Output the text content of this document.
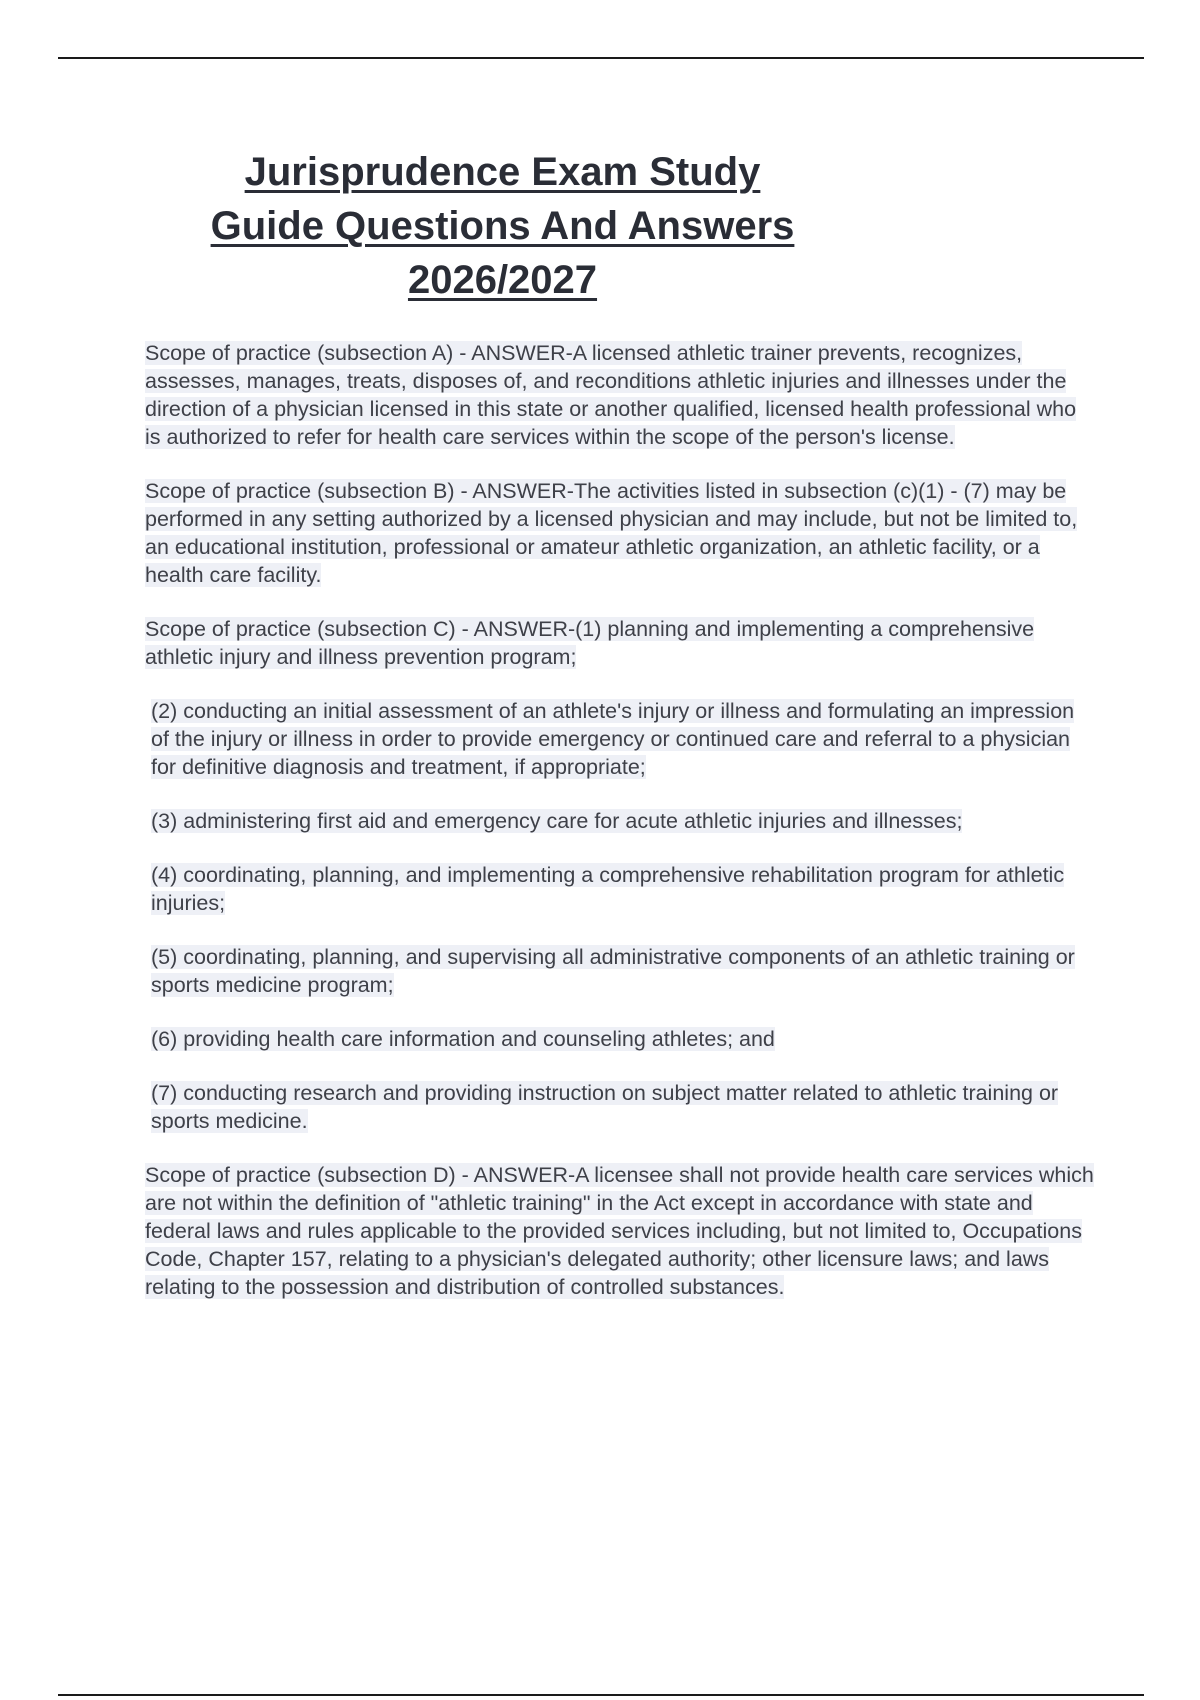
Jurisprudence Exam Study
Guide Questions And Answers
2026/2027

Scope of practice (subsection A) - ANSWER-A licensed athletic trainer prevents, recognizes, assesses, manages, treats, disposes of, and reconditions athletic injuries and illnesses under the direction of a physician licensed in this state or another qualified, licensed health professional who is authorized to refer for health care services within the scope of the person's license.

Scope of practice (subsection B) - ANSWER-The activities listed in subsection (c)(1) - (7) may be performed in any setting authorized by a licensed physician and may include, but not be limited to, an educational institution, professional or amateur athletic organization, an athletic facility, or a health care facility.

Scope of practice (subsection C) - ANSWER-(1) planning and implementing a comprehensive athletic injury and illness prevention program;

(2) conducting an initial assessment of an athlete's injury or illness and formulating an impression of the injury or illness in order to provide emergency or continued care and referral to a physician for definitive diagnosis and treatment, if appropriate;

(3) administering first aid and emergency care for acute athletic injuries and illnesses;

(4) coordinating, planning, and implementing a comprehensive rehabilitation program for athletic injuries;

(5) coordinating, planning, and supervising all administrative components of an athletic training or sports medicine program;

(6) providing health care information and counseling athletes; and

(7) conducting research and providing instruction on subject matter related to athletic training or sports medicine.

Scope of practice (subsection D) - ANSWER-A licensee shall not provide health care services which are not within the definition of "athletic training" in the Act except in accordance with state and federal laws and rules applicable to the provided services including, but not limited to, Occupations Code, Chapter 157, relating to a physician's delegated authority; other licensure laws; and laws relating to the possession and distribution of controlled substances.
